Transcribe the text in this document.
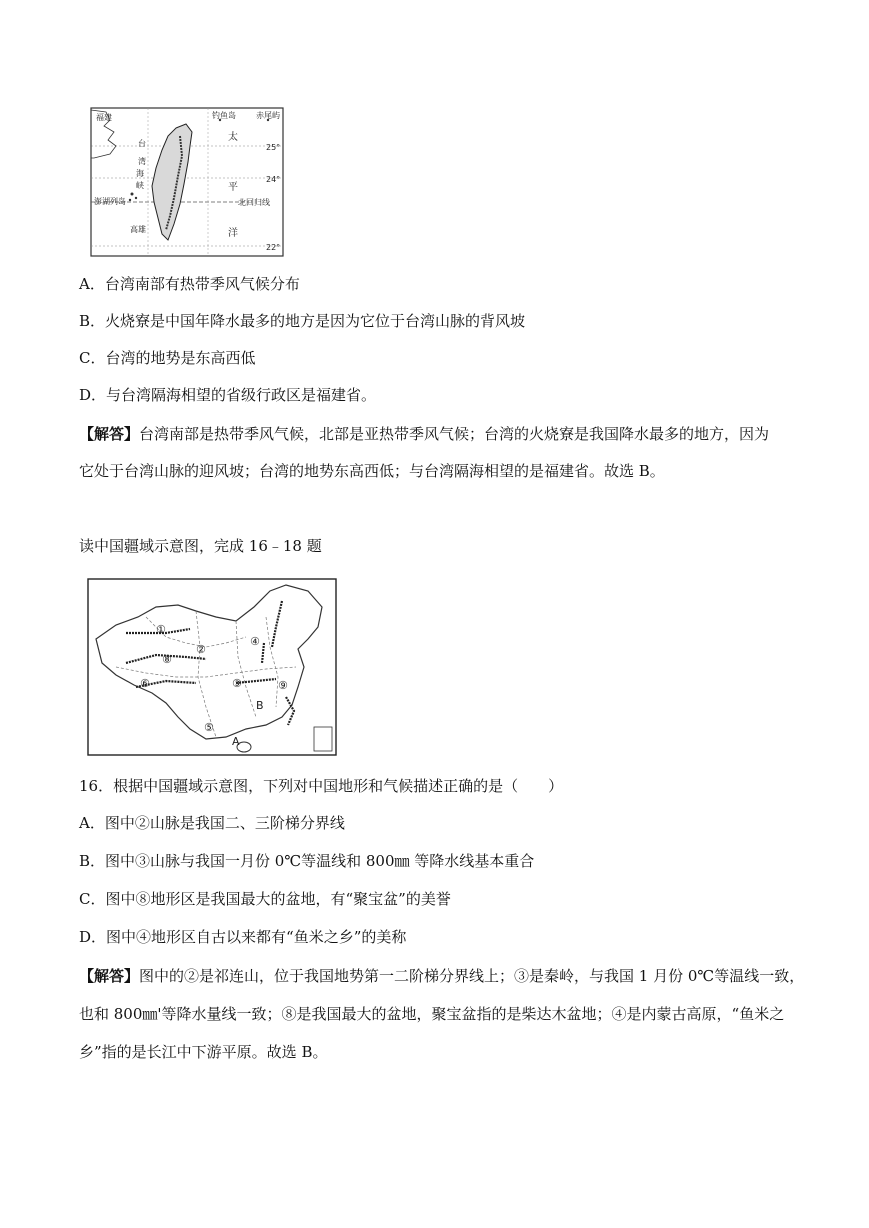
福建	钓鱼岛	赤尾屿
太
平
洋
25°
24°
22°
北回归线
澎湖列岛
高雄
台
湾
海
峡
A．台湾南部有热带季风气候分布
B．火烧寮是中国年降水最多的地方是因为它位于台湾山脉的背风坡
C．台湾的地势是东高西低
D．与台湾隔海相望的省级行政区是福建省。
【解答】台湾南部是热带季风气候，北部是亚热带季风气候；台湾的火烧寮是我国降水最多的地方，因为
它处于台湾山脉的迎风坡；台湾的地势东高西低；与台湾隔海相望的是福建省。故选 B。
读中国疆域示意图，完成 16﹣18 题
①
②
③
④
⑤
⑥
⑧
⑨
A
B
16．根据中国疆域示意图，下列对中国地形和气候描述正确的是（　　）
A．图中②山脉是我国二、三阶梯分界线
B．图中③山脉与我国一月份 0℃等温线和 800㎜ 等降水线基本重合
C．图中⑧地形区是我国最大的盆地，有“聚宝盆”的美誉
D．图中④地形区自古以来都有“鱼米之乡”的美称
【解答】图中的②是祁连山，位于我国地势第一二阶梯分界线上；③是秦岭，与我国 1 月份 0℃等温线一致，
也和 800㎜'等降水量线一致；⑧是我国最大的盆地，聚宝盆指的是柴达木盆地；④是内蒙古高原，“鱼米之
乡”指的是长江中下游平原。故选 B。
